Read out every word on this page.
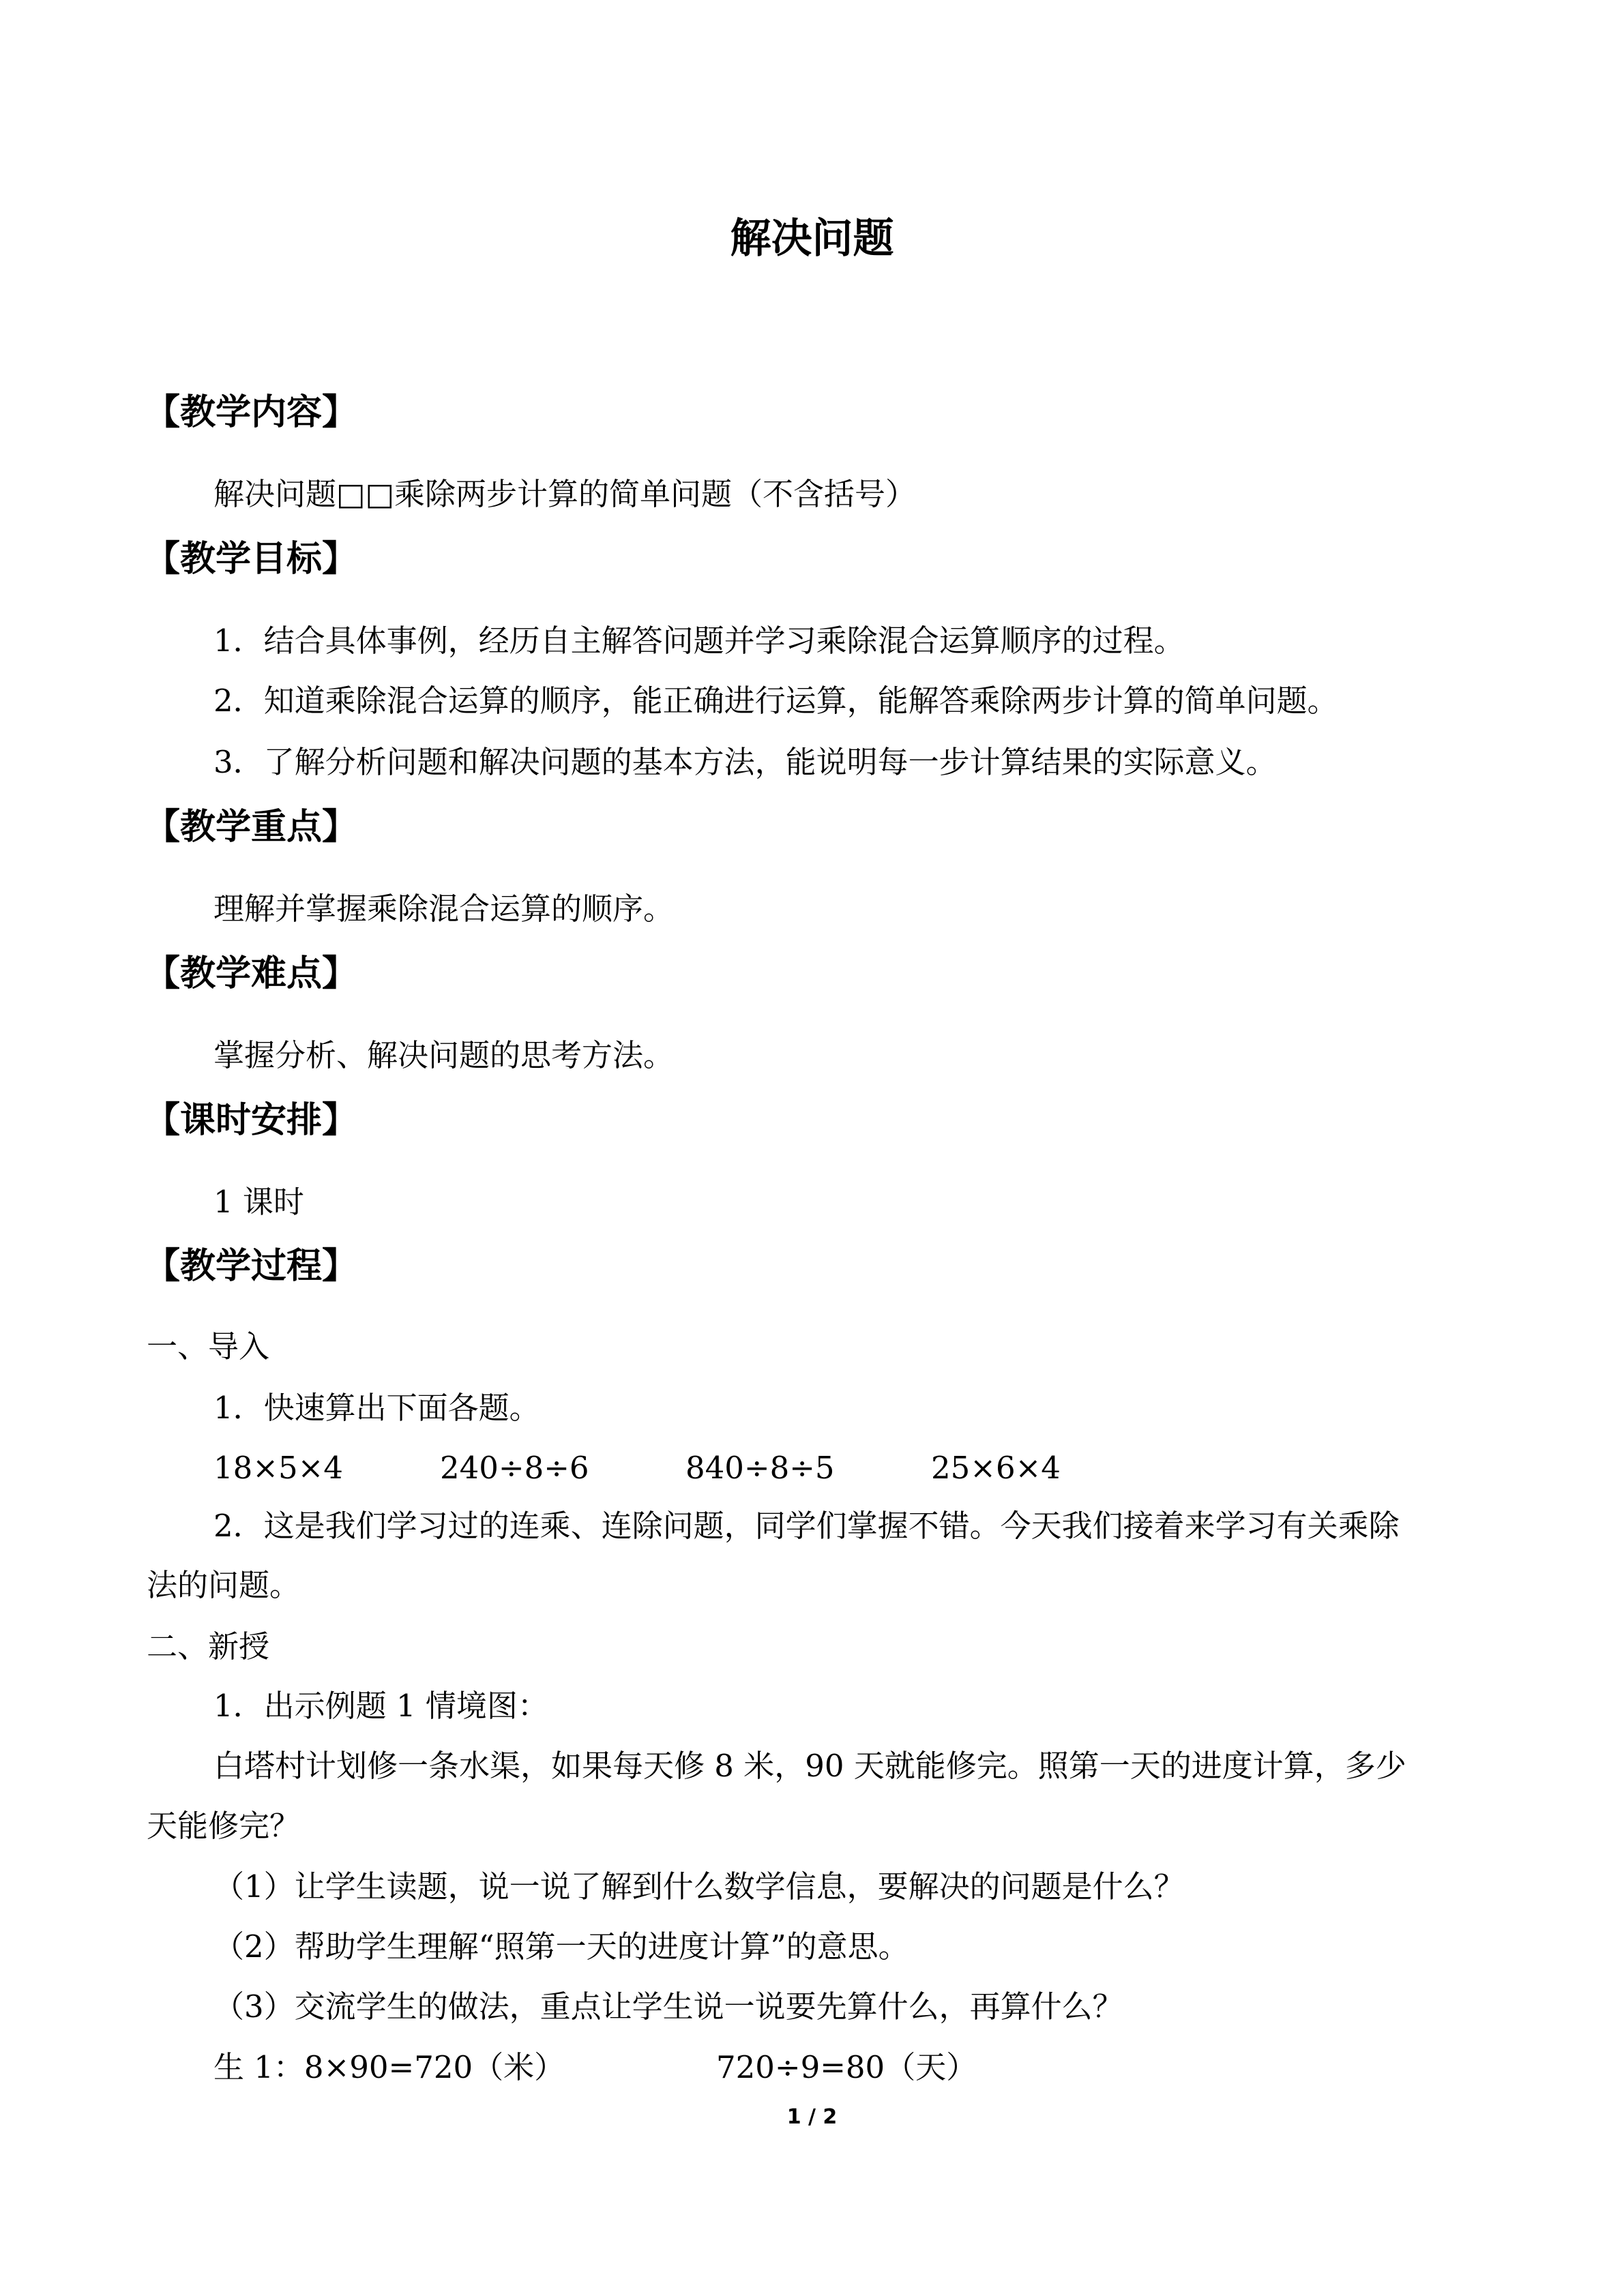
解决问题
【教学内容】
解决问题□□乘除两步计算的简单问题（不含括号）
【教学目标】
1．结合具体事例，经历自主解答问题并学习乘除混合运算顺序的过程。
2．知道乘除混合运算的顺序，能正确进行运算，能解答乘除两步计算的简单问题。
3．了解分析问题和解决问题的基本方法，能说明每一步计算结果的实际意义。
【教学重点】
理解并掌握乘除混合运算的顺序。
【教学难点】
掌握分析、解决问题的思考方法。
【课时安排】
1 课时
【教学过程】
一、导入
1．快速算出下面各题。
18×5×4	240÷8÷6	840÷8÷5	25×6×4
2．这是我们学习过的连乘、连除问题，同学们掌握不错。今天我们接着来学习有关乘除
法的问题。
二、新授
1．出示例题 1 情境图：
白塔村计划修一条水渠，如果每天修 8 米，90 天就能修完。照第一天的进度计算，多少
天能修完？
（1）让学生读题，说一说了解到什么数学信息，要解决的问题是什么？
（2）帮助学生理解“照第一天的进度计算”的意思。
（3）交流学生的做法，重点让学生说一说要先算什么，再算什么？
生 1：8×90=720（米）	720÷9=80（天）
1 / 2
